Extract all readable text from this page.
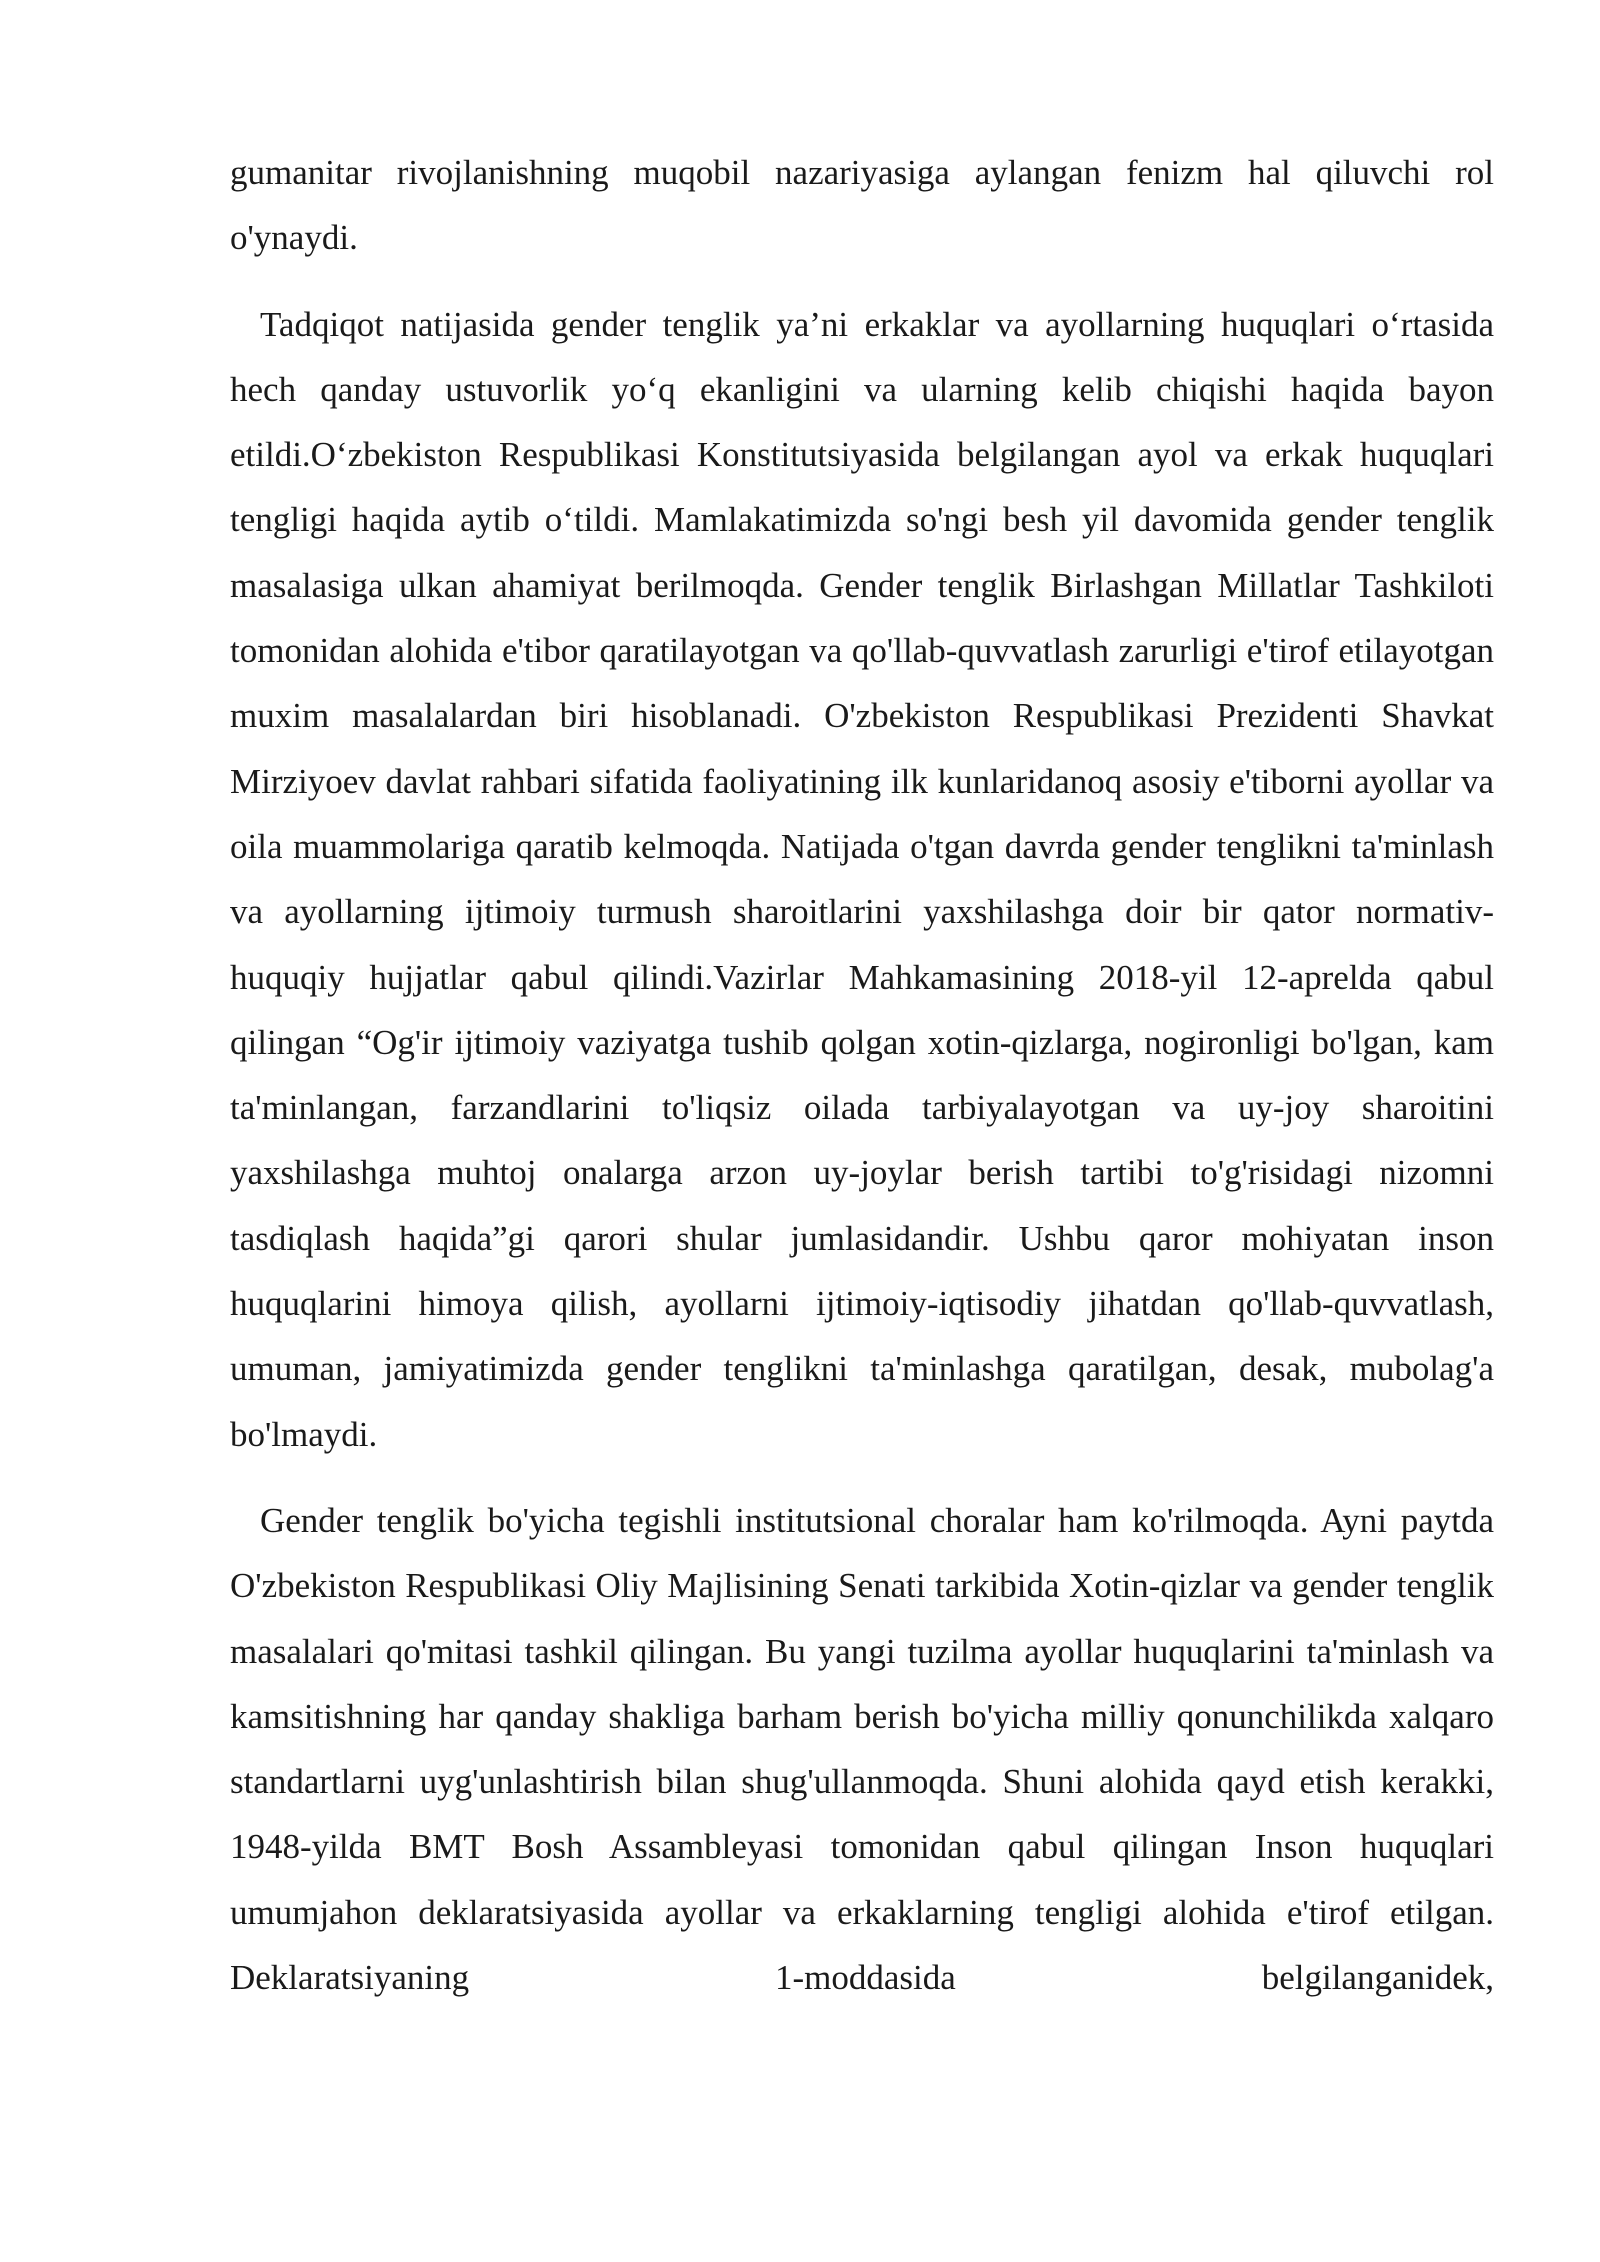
gumanitar rivojlanishning muqobil nazariyasiga aylangan fenizm hal qiluvchi rol o'ynaydi.

Tadqiqot natijasida gender tenglik ya’ni erkaklar va ayollarning huquqlari o‘rtasida hech qanday ustuvorlik yo‘q ekanligini va ularning kelib chiqishi haqida bayon etildi.O‘zbekiston Respublikasi Konstitutsiyasida belgilangan ayol va erkak huquqlari tengligi haqida aytib o‘tildi. Mamlakatimizda so'ngi besh yil davomida gender tenglik masalasiga ulkan ahamiyat berilmoqda. Gender tenglik Birlashgan Millatlar Tashkiloti tomonidan alohida e'tibor qaratilayotgan va qo'llab-quvvatlash zarurligi e'tirof etilayotgan muxim masalalardan biri hisoblanadi. O'zbekiston Respublikasi Prezidenti Shavkat Mirziyoev davlat rahbari sifatida faoliyatining ilk kunlaridanoq asosiy e'tiborni ayollar va oila muammolariga qaratib kelmoqda. Natijada o'tgan davrda gender tenglikni ta'minlash va ayollarning ijtimoiy turmush sharoitlarini yaxshilashga doir bir qator normativ-huquqiy hujjatlar qabul qilindi.Vazirlar Mahkamasining 2018-yil 12-aprelda qabul qilingan “Og'ir ijtimoiy vaziyatga tushib qolgan xotin-qizlarga, nogironligi bo'lgan, kam ta'minlangan, farzandlarini to'liqsiz oilada tarbiyalayotgan va uy-joy sharoitini yaxshilashga muhtoj onalarga arzon uy-joylar berish tartibi to'g'risidagi nizomni tasdiqlash haqida”gi qarori shular jumlasidandir. Ushbu qaror mohiyatan inson huquqlarini himoya qilish, ayollarni ijtimoiy-iqtisodiy jihatdan qo'llab-quvvatlash, umuman, jamiyatimizda gender tenglikni ta'minlashga qaratilgan, desak, mubolag'a bo'lmaydi.

Gender tenglik bo'yicha tegishli institutsional choralar ham ko'rilmoqda. Ayni paytda O'zbekiston Respublikasi Oliy Majlisining Senati tarkibida Xotin-qizlar va gender tenglik masalalari qo'mitasi tashkil qilingan. Bu yangi tuzilma ayollar huquqlarini ta'minlash va kamsitishning har qanday shakliga barham berish bo'yicha milliy qonunchilikda xalqaro standartlarni uyg'unlashtirish bilan shug'ullanmoqda. Shuni alohida qayd etish kerakki, 1948-yilda BMT Bosh Assambleyasi tomonidan qabul qilingan Inson huquqlari umumjahon deklaratsiyasida ayollar va erkaklarning tengligi alohida e'tirof etilgan. Deklaratsiyaning 1-moddasida belgilanganidek,
